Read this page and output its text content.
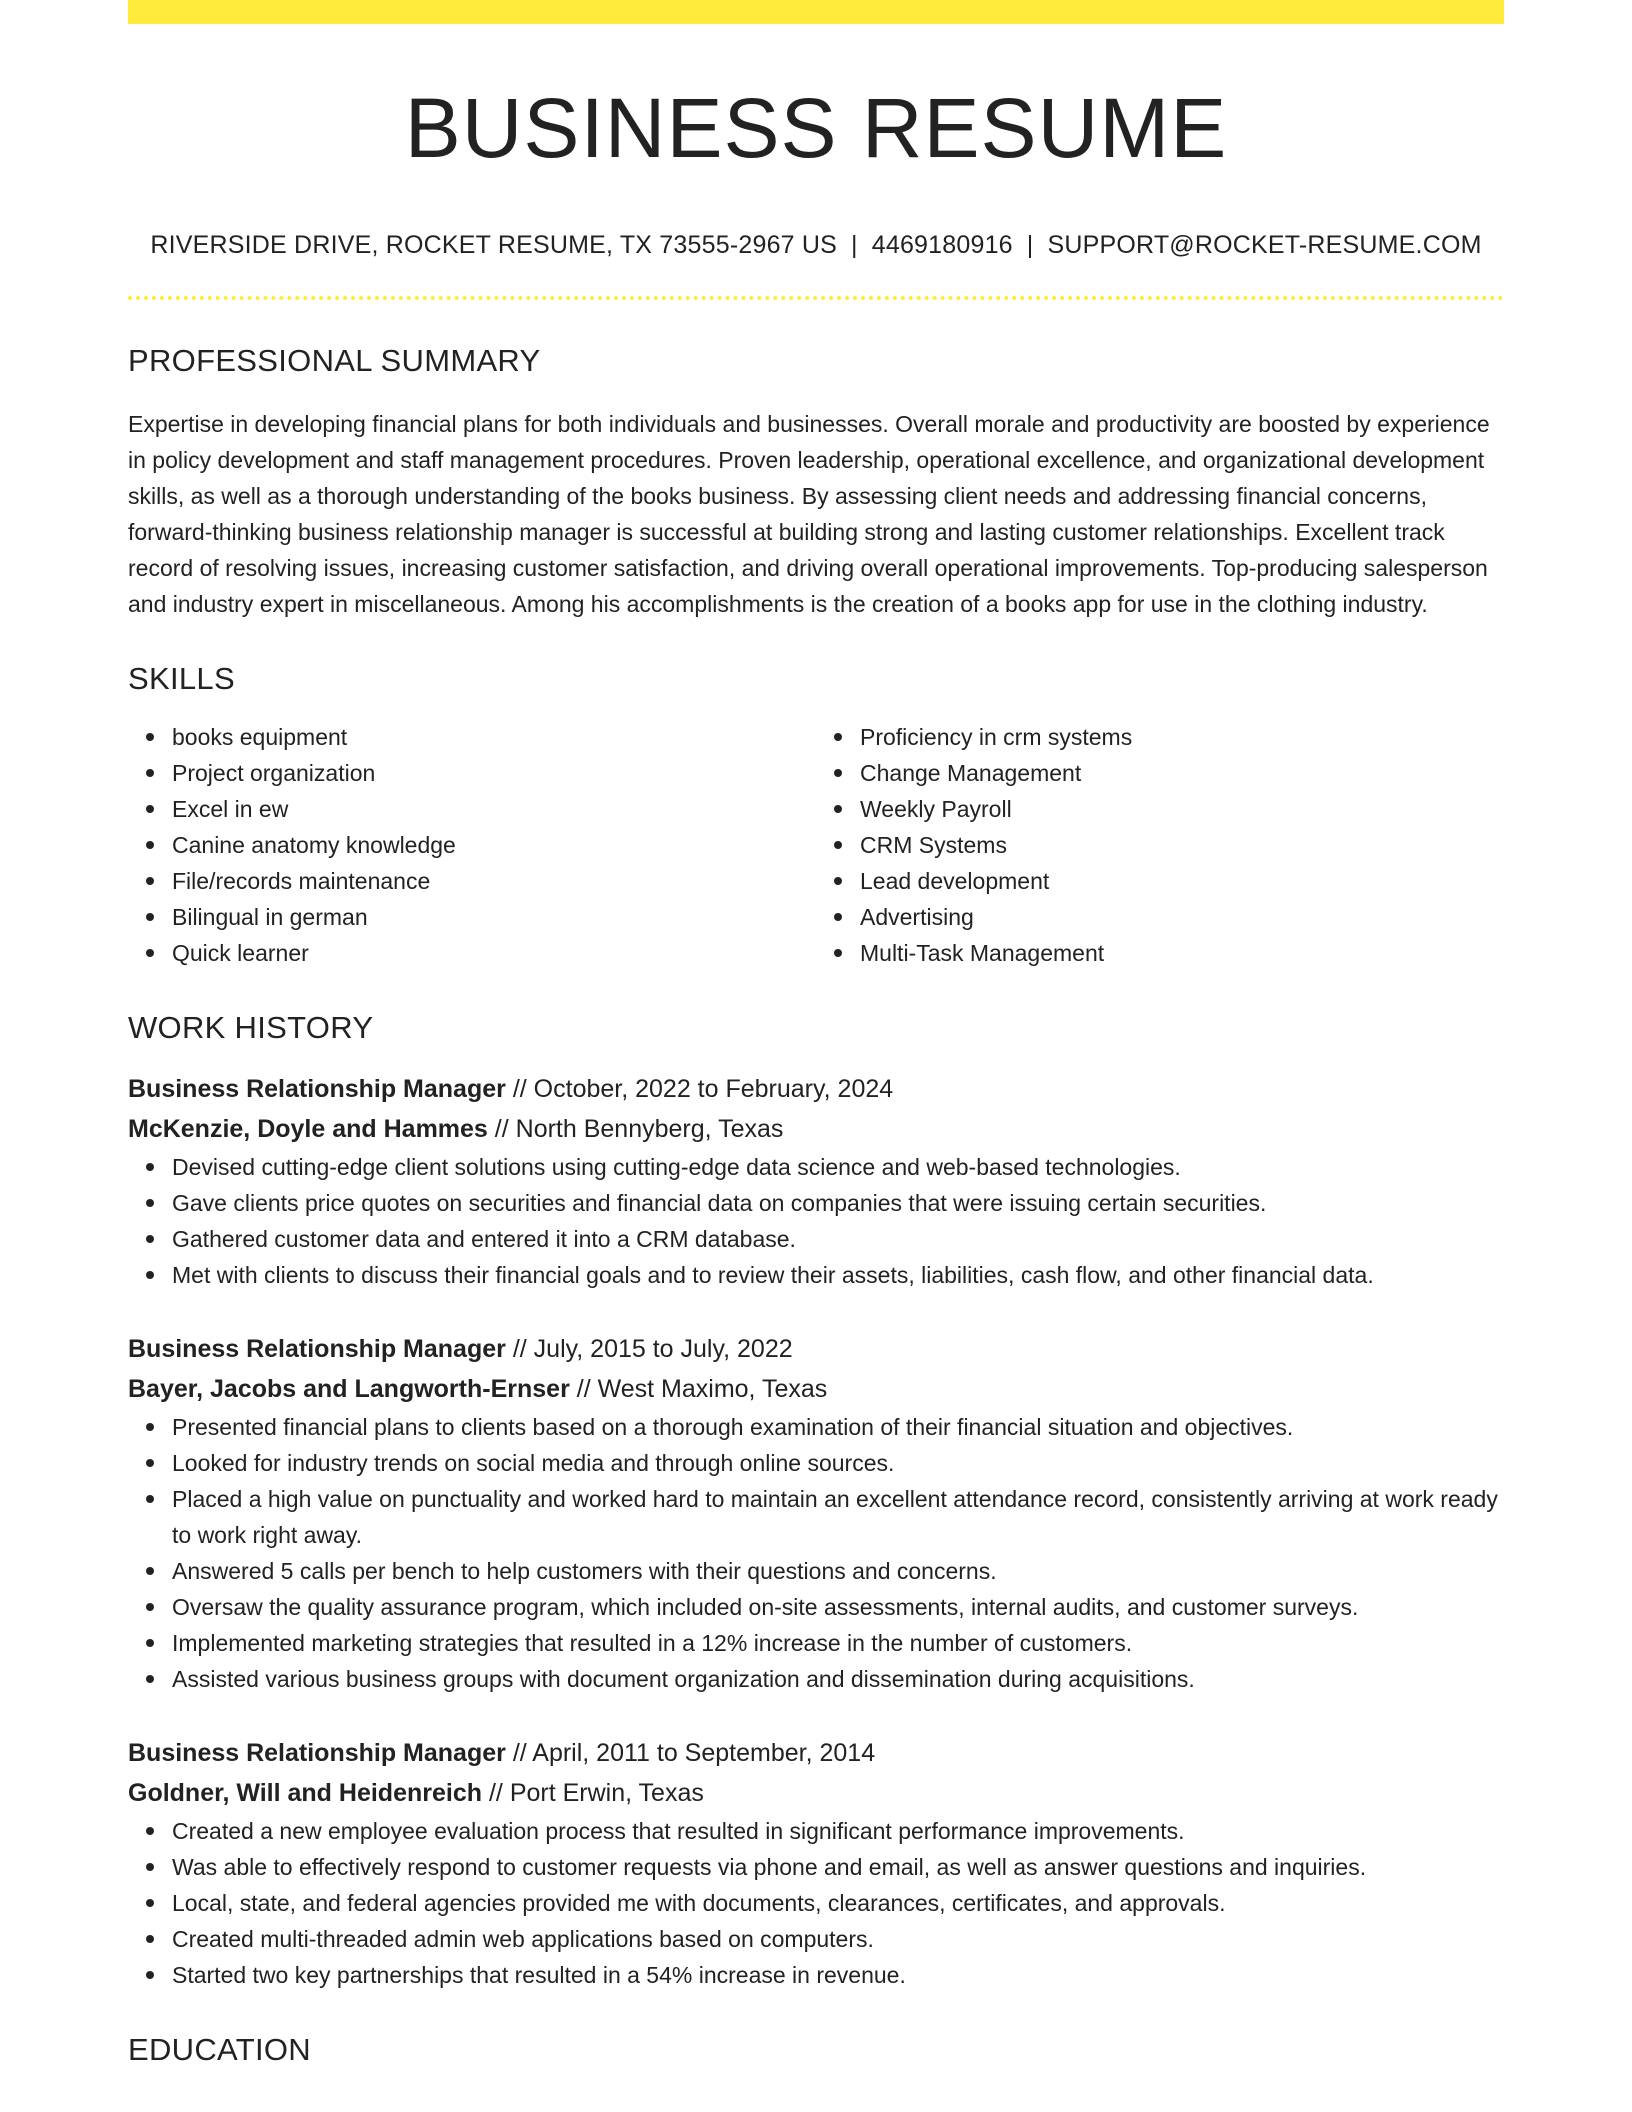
BUSINESS RESUME
RIVERSIDE DRIVE, ROCKET RESUME, TX 73555-2967 US | 4469180916 | SUPPORT@ROCKET-RESUME.COM
PROFESSIONAL SUMMARY

Expertise in developing financial plans for both individuals and businesses. Overall morale and productivity are boosted by experience in policy development and staff management procedures. Proven leadership, operational excellence, and organizational development skills, as well as a thorough understanding of the books business. By assessing client needs and addressing financial concerns, forward-thinking business relationship manager is successful at building strong and lasting customer relationships. Excellent track record of resolving issues, increasing customer satisfaction, and driving overall operational improvements. Top-producing salesperson and industry expert in miscellaneous. Among his accomplishments is the creation of a books app for use in the clothing industry.

SKILLS
books equipment
Project organization
Excel in ew
Canine anatomy knowledge
File/records maintenance
Bilingual in german
Quick learner
Proficiency in crm systems
Change Management
Weekly Payroll
CRM Systems
Lead development
Advertising
Multi-Task Management
WORK HISTORY
Business Relationship Manager // October, 2022 to February, 2024
McKenzie, Doyle and Hammes // North Bennyberg, Texas
Devised cutting-edge client solutions using cutting-edge data science and web-based technologies.
Gave clients price quotes on securities and financial data on companies that were issuing certain securities.
Gathered customer data and entered it into a CRM database.
Met with clients to discuss their financial goals and to review their assets, liabilities, cash flow, and other financial data.
Business Relationship Manager // July, 2015 to July, 2022
Bayer, Jacobs and Langworth-Ernser // West Maximo, Texas
Presented financial plans to clients based on a thorough examination of their financial situation and objectives.
Looked for industry trends on social media and through online sources.
Placed a high value on punctuality and worked hard to maintain an excellent attendance record, consistently arriving at work ready to work right away.
Answered 5 calls per bench to help customers with their questions and concerns.
Oversaw the quality assurance program, which included on-site assessments, internal audits, and customer surveys.
Implemented marketing strategies that resulted in a 12% increase in the number of customers.
Assisted various business groups with document organization and dissemination during acquisitions.
Business Relationship Manager // April, 2011 to September, 2014
Goldner, Will and Heidenreich // Port Erwin, Texas
Created a new employee evaluation process that resulted in significant performance improvements.
Was able to effectively respond to customer requests via phone and email, as well as answer questions and inquiries.
Local, state, and federal agencies provided me with documents, clearances, certificates, and approvals.
Created multi-threaded admin web applications based on computers.
Started two key partnerships that resulted in a 54% increase in revenue.
EDUCATION
